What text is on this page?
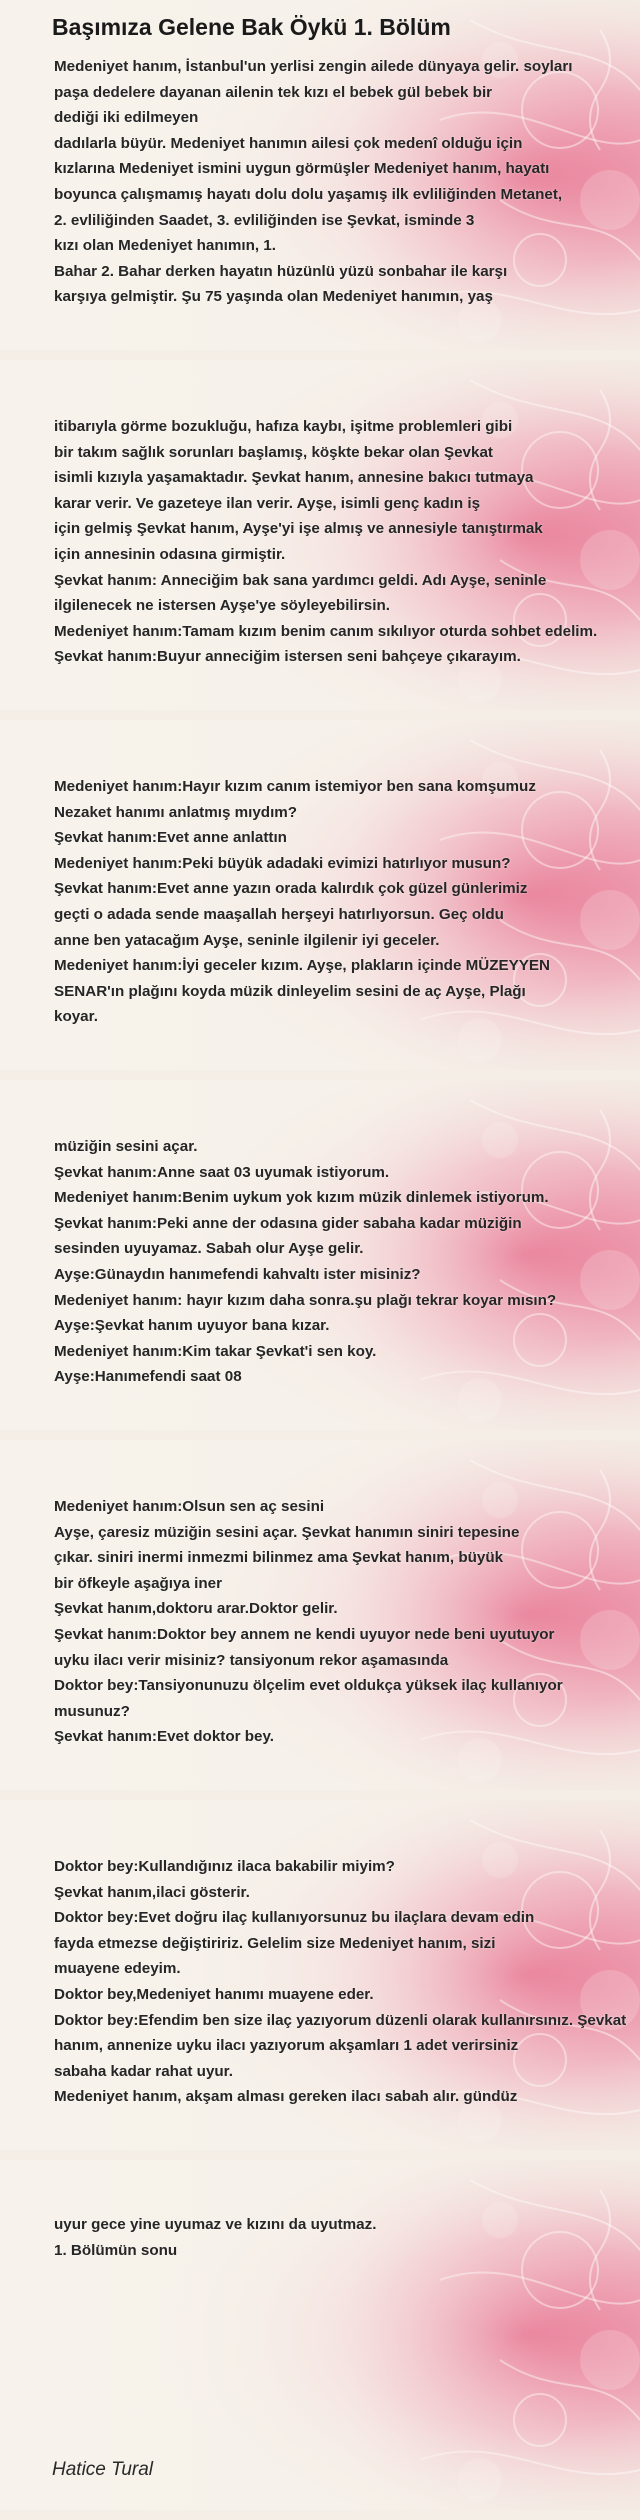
Başımıza Gelene Bak Öykü 1. Bölüm
Medeniyet hanım, İstanbul'un yerlisi zengin ailede dünyaya gelir. soyları
paşa dedelere dayanan ailenin tek kızı el bebek gül bebek bir
dediği iki edilmeyen
dadılarla büyür. Medeniyet hanımın ailesi çok medenî olduğu için
kızlarına Medeniyet ismini uygun görmüşler Medeniyet hanım, hayatı
boyunca çalışmamış hayatı dolu dolu yaşamış ilk evliliğinden Metanet,
2. evliliğinden Saadet, 3. evliliğinden ise Şevkat, isminde 3
kızı olan Medeniyet hanımın, 1.
Bahar 2. Bahar derken hayatın hüzünlü yüzü sonbahar ile karşı
karşıya gelmiştir. Şu 75 yaşında olan Medeniyet hanımın, yaş
itibarıyla görme bozukluğu, hafıza kaybı, işitme problemleri gibi
bir takım sağlık sorunları başlamış, köşkte bekar olan Şevkat
isimli kızıyla yaşamaktadır. Şevkat hanım, annesine bakıcı tutmaya
karar verir. Ve gazeteye ilan verir. Ayşe, isimli genç kadın iş
için gelmiş Şevkat hanım, Ayşe'yi işe almış ve annesiyle tanıştırmak
için annesinin odasına girmiştir.
Şevkat hanım: Anneciğim bak sana yardımcı geldi. Adı Ayşe, seninle
ilgilenecek ne istersen Ayşe'ye söyleyebilirsin.
Medeniyet hanım:Tamam kızım benim canım sıkılıyor oturda sohbet edelim.
Şevkat hanım:Buyur anneciğim istersen seni bahçeye çıkarayım.
Medeniyet hanım:Hayır kızım canım istemiyor ben sana komşumuz
Nezaket hanımı anlatmış mıydım?
Şevkat hanım:Evet anne anlattın
Medeniyet hanım:Peki büyük adadaki evimizi hatırlıyor musun?
Şevkat hanım:Evet anne yazın orada kalırdık çok güzel günlerimiz
geçti o adada sende maaşallah herşeyi hatırlıyorsun. Geç oldu
anne ben yatacağım Ayşe, seninle ilgilenir iyi geceler.
Medeniyet hanım:İyi geceler kızım. Ayşe, plakların içinde MÜZEYYEN
SENAR'ın plağını koyda müzik dinleyelim sesini de aç Ayşe, Plağı
koyar.
müziğin sesini açar.
Şevkat hanım:Anne saat 03 uyumak istiyorum.
Medeniyet hanım:Benim uykum yok kızım müzik dinlemek istiyorum.
Şevkat hanım:Peki anne der odasına gider sabaha kadar müziğin
sesinden uyuyamaz. Sabah olur Ayşe gelir.
Ayşe:Günaydın hanımefendi kahvaltı ister misiniz?
Medeniyet hanım: hayır kızım daha sonra.şu plağı tekrar koyar mısın?
Ayşe:Şevkat hanım uyuyor bana kızar.
Medeniyet hanım:Kim takar Şevkat'i sen koy.
Ayşe:Hanımefendi saat 08
Medeniyet hanım:Olsun sen aç sesini
Ayşe, çaresiz müziğin sesini açar. Şevkat hanımın siniri tepesine
çıkar. siniri inermi inmezmi bilinmez ama Şevkat hanım, büyük
bir öfkeyle aşağıya iner
Şevkat hanım,doktoru arar.Doktor gelir.
Şevkat hanım:Doktor bey annem ne kendi uyuyor nede beni uyutuyor
uyku ilacı verir misiniz? tansiyonum rekor aşamasında
Doktor bey:Tansiyonunuzu ölçelim evet oldukça yüksek ilaç kullanıyor
musunuz?
Şevkat hanım:Evet doktor bey.
Doktor bey:Kullandığınız ilaca bakabilir miyim?
Şevkat hanım,ilaci gösterir.
Doktor bey:Evet doğru ilaç kullanıyorsunuz bu ilaçlara devam edin
fayda etmezse değiştiririz. Gelelim size Medeniyet hanım, sizi
muayene edeyim.
Doktor bey,Medeniyet hanımı muayene eder.
Doktor bey:Efendim ben size ilaç yazıyorum düzenli olarak kullanırsınız. Şevkat
hanım, annenize uyku ilacı yazıyorum akşamları 1 adet verirsiniz
sabaha kadar rahat uyur.
Medeniyet hanım, akşam alması gereken ilacı sabah alır. gündüz
uyur gece yine uyumaz ve kızını da uyutmaz.
1. Bölümün sonu
Hatice Tural
